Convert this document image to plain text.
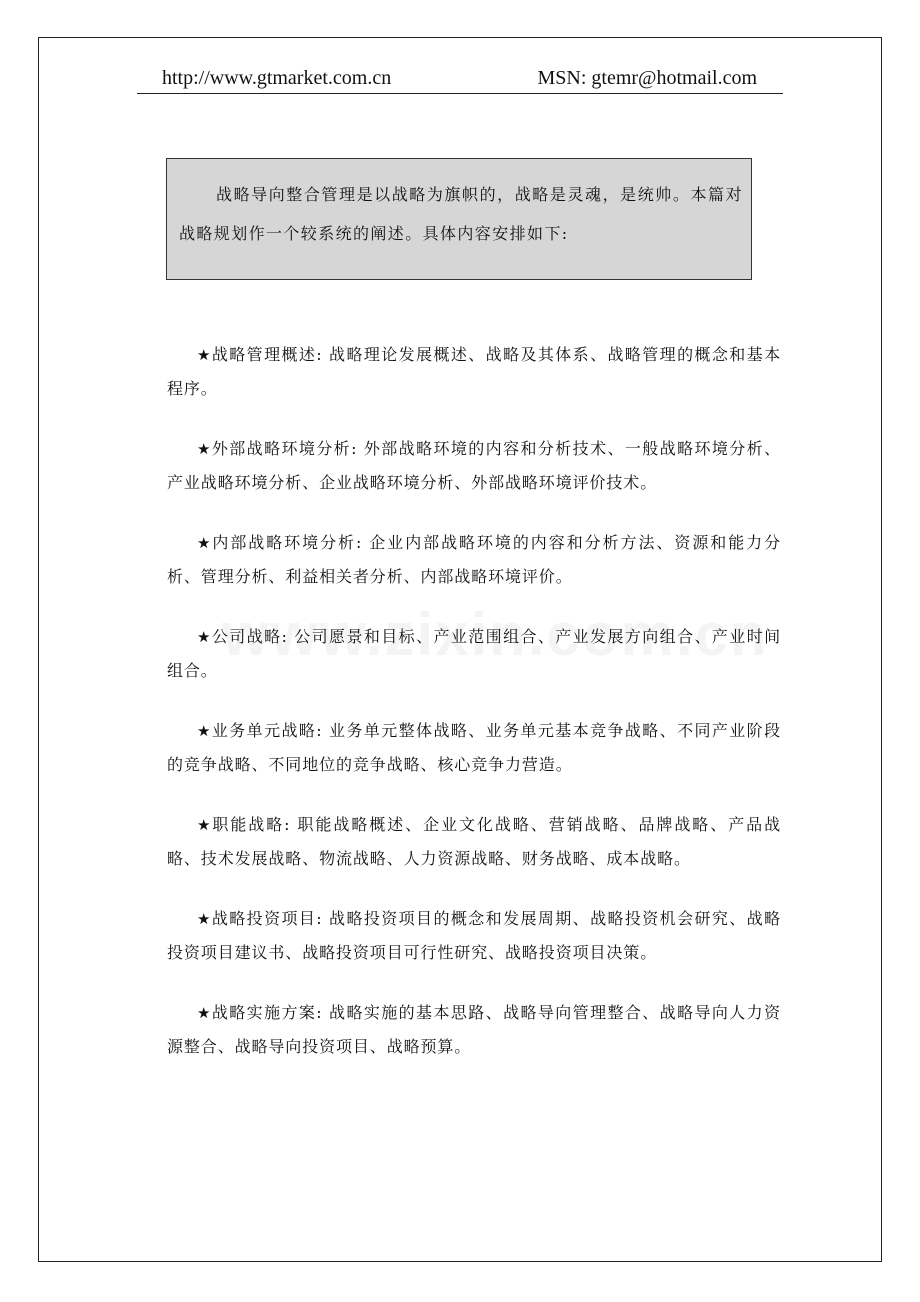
http://www.gtmarket.com.cn	MSN: gtemr@hotmail.com
战略导向整合管理是以战略为旗帜的，战略是灵魂，是统帅。本篇对战略规划作一个较系统的阐述。具体内容安排如下:

★战略管理概述: 战略理论发展概述、战略及其体系、战略管理的概念和基本程序。

★外部战略环境分析: 外部战略环境的内容和分析技术、一般战略环境分析、产业战略环境分析、企业战略环境分析、外部战略环境评价技术。

★内部战略环境分析: 企业内部战略环境的内容和分析方法、资源和能力分析、管理分析、利益相关者分析、内部战略环境评价。

★公司战略: 公司愿景和目标、产业范围组合、产业发展方向组合、产业时间组合。

★业务单元战略: 业务单元整体战略、业务单元基本竞争战略、不同产业阶段的竞争战略、不同地位的竞争战略、核心竞争力营造。

★职能战略: 职能战略概述、企业文化战略、营销战略、品牌战略、产品战略、技术发展战略、物流战略、人力资源战略、财务战略、成本战略。

★战略投资项目: 战略投资项目的概念和发展周期、战略投资机会研究、战略投资项目建议书、战略投资项目可行性研究、战略投资项目决策。

★战略实施方案: 战略实施的基本思路、战略导向管理整合、战略导向人力资源整合、战略导向投资项目、战略预算。
